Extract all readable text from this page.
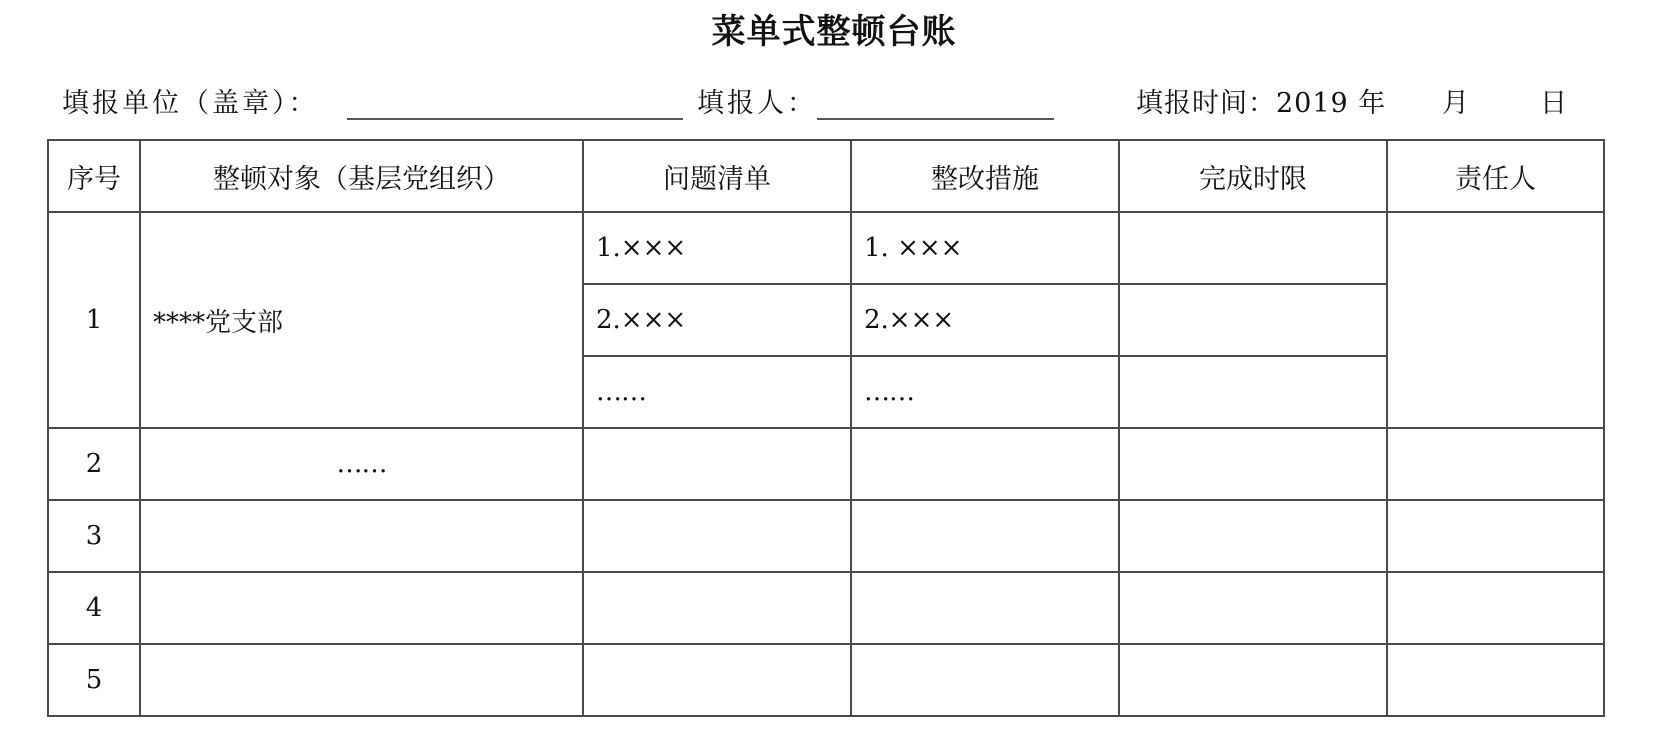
菜单式整顿台账
填报单位（盖章）：	填报人：	填报时间：2019 年 月	日
序号	整顿对象（基层党组织）	问题清单	整改措施	完成时限	责任人
1	****党支部	1.×××	1. ×××		
		2.×××	2.×××		
		……	……		
2	……				
3					
4					
5					
